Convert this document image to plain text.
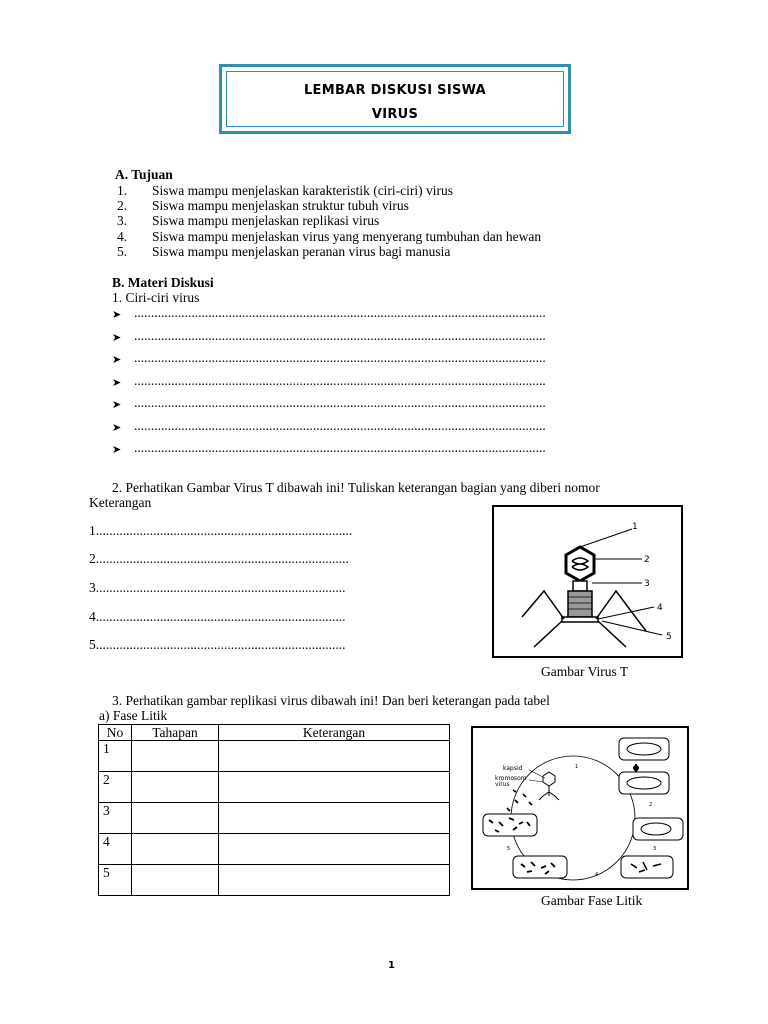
LEMBAR DISKUSI SISWA
VIRUS
A. Tujuan
1. Siswa mampu menjelaskan karakteristik (ciri-ciri) virus
2. Siswa mampu menjelaskan struktur tubuh virus
3. Siswa mampu menjelaskan replikasi virus
4. Siswa mampu menjelaskan virus yang menyerang tumbuhan dan hewan
5. Siswa mampu menjelaskan peranan virus bagi manusia
B. Materi Diskusi
1. Ciri-ciri virus
➤ ..........................................................................................................................
➤ ..........................................................................................................................
➤ ..........................................................................................................................
➤ ..........................................................................................................................
➤ ..........................................................................................................................
➤ ..........................................................................................................................
➤ ..........................................................................................................................
2. Perhatikan Gambar Virus T dibawah ini! Tuliskan keterangan bagian yang diberi nomor
Keterangan
1............................................................................
2...........................................................................
3..........................................................................
4..........................................................................
5..........................................................................
1
2
3
4
5
Gambar Virus T
3. Perhatikan gambar replikasi virus dibawah ini! Dan beri keterangan pada tabel
a) Fase Litik
No	Tahapan	Keterangan
1		
2		
3		
4		
5		
kapsid
kromosom
virus
1
2
3
4
5
Gambar Fase Litik
1
